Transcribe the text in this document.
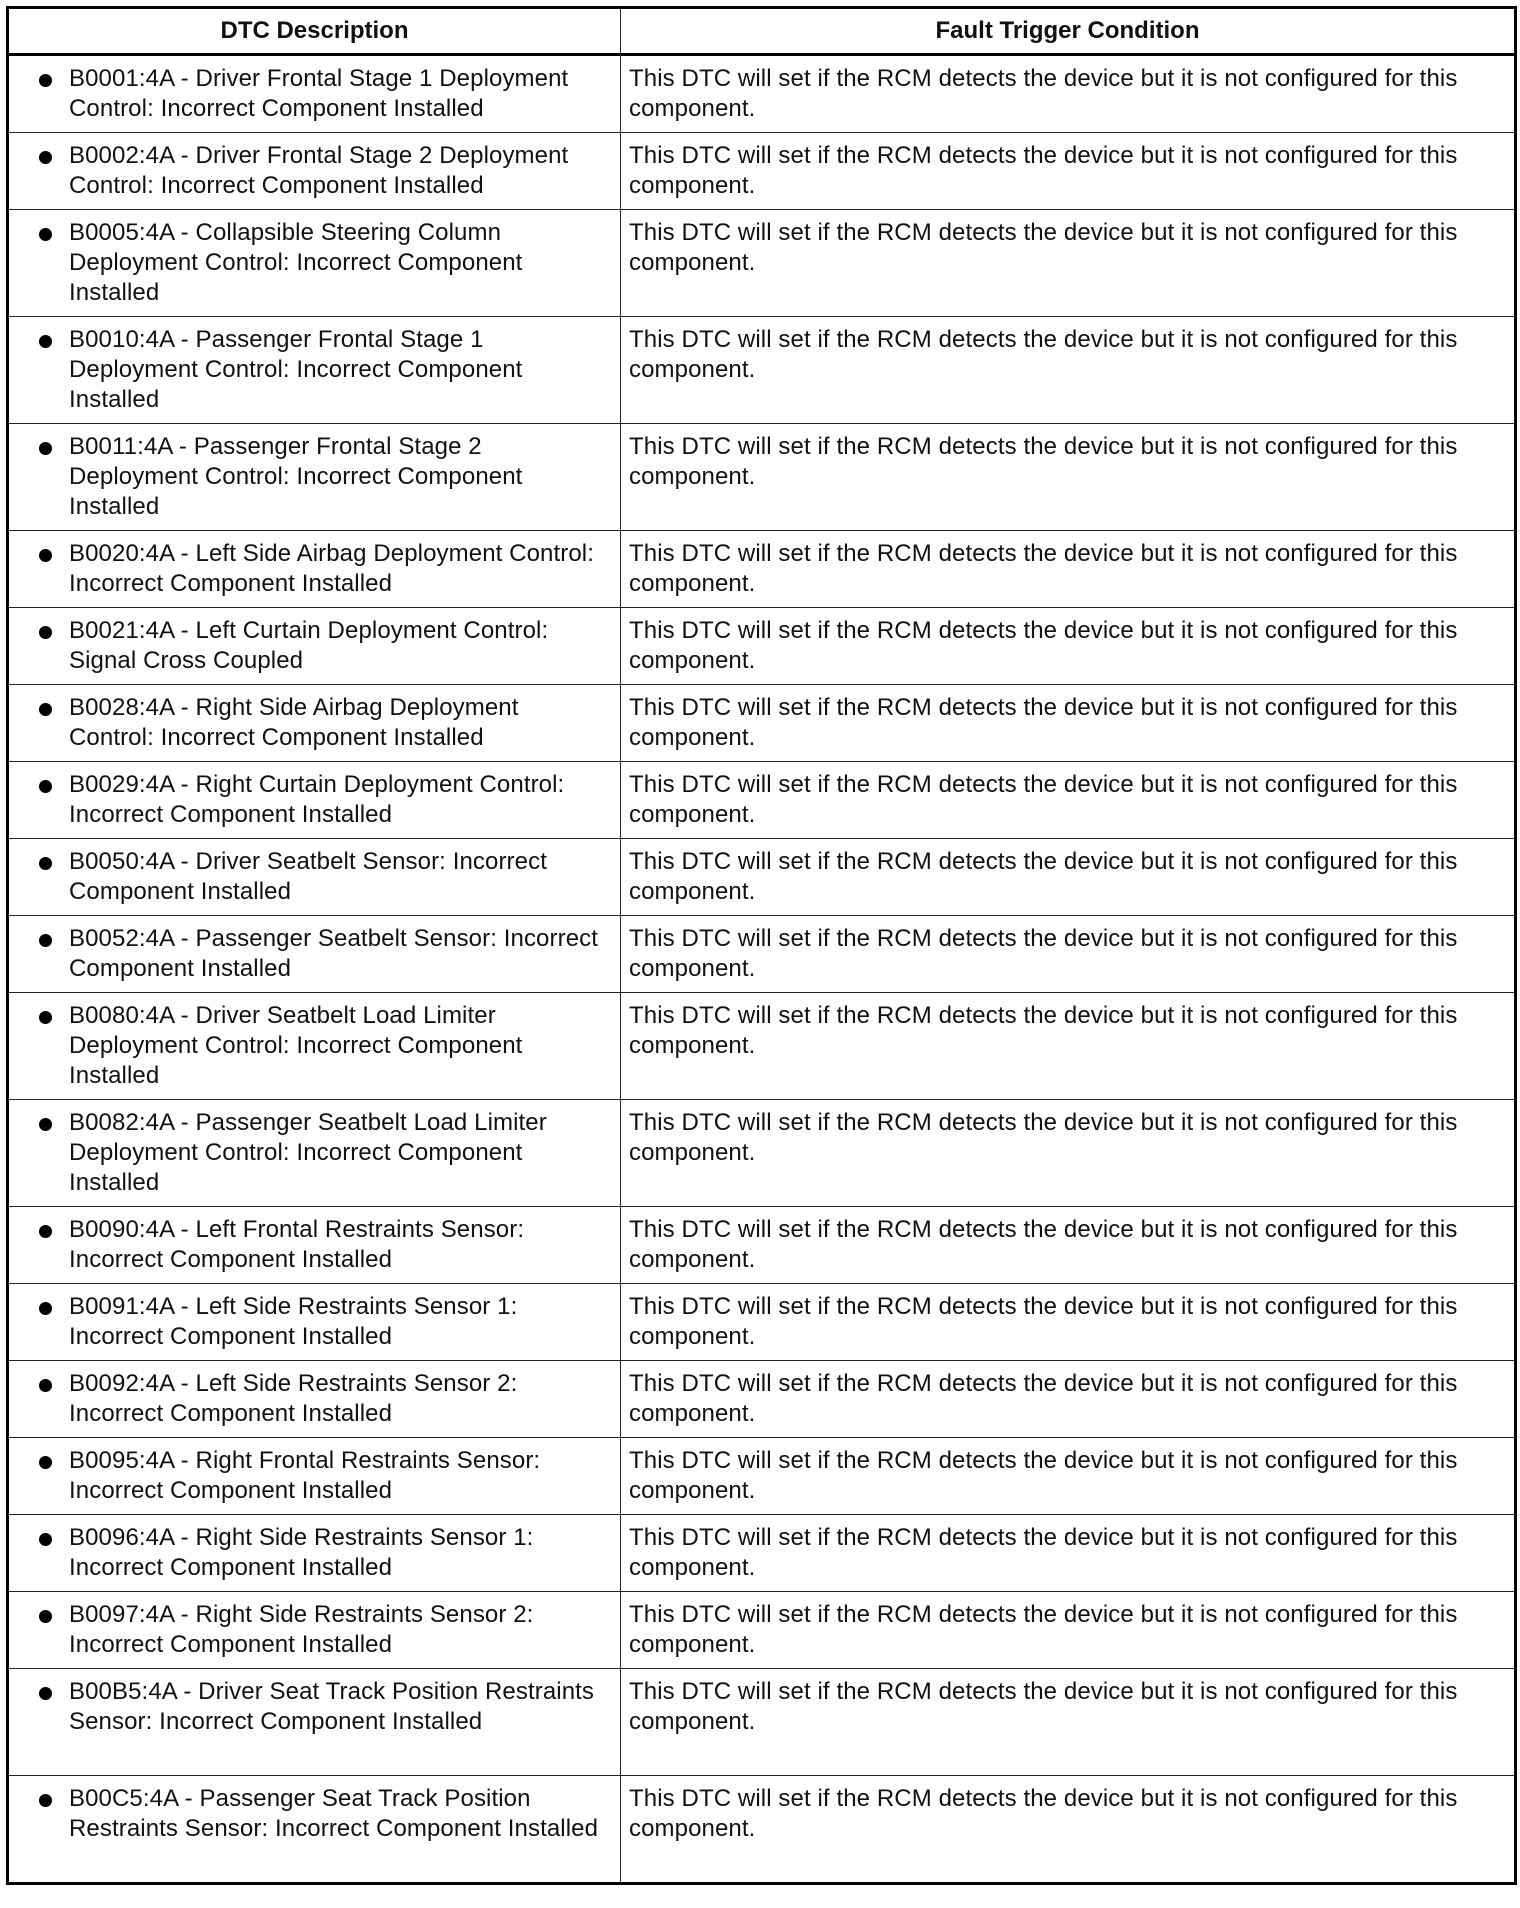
DTC Description	Fault Trigger Condition

B0001:4A - Driver Frontal Stage 1 Deployment Control: Incorrect Component Installed	This DTC will set if the RCM detects the device but it is not configured for this component.

B0002:4A - Driver Frontal Stage 2 Deployment Control: Incorrect Component Installed	This DTC will set if the RCM detects the device but it is not configured for this component.

B0005:4A - Collapsible Steering Column Deployment Control: Incorrect Component Installed	This DTC will set if the RCM detects the device but it is not configured for this component.

B0010:4A - Passenger Frontal Stage 1 Deployment Control: Incorrect Component Installed	This DTC will set if the RCM detects the device but it is not configured for this component.

B0011:4A - Passenger Frontal Stage 2 Deployment Control: Incorrect Component Installed	This DTC will set if the RCM detects the device but it is not configured for this component.

B0020:4A - Left Side Airbag Deployment Control: Incorrect Component Installed	This DTC will set if the RCM detects the device but it is not configured for this component.

B0021:4A - Left Curtain Deployment Control: Signal Cross Coupled	This DTC will set if the RCM detects the device but it is not configured for this component.

B0028:4A - Right Side Airbag Deployment Control: Incorrect Component Installed	This DTC will set if the RCM detects the device but it is not configured for this component.

B0029:4A - Right Curtain Deployment Control: Incorrect Component Installed	This DTC will set if the RCM detects the device but it is not configured for this component.

B0050:4A - Driver Seatbelt Sensor: Incorrect Component Installed	This DTC will set if the RCM detects the device but it is not configured for this component.

B0052:4A - Passenger Seatbelt Sensor: Incorrect Component Installed	This DTC will set if the RCM detects the device but it is not configured for this component.

B0080:4A - Driver Seatbelt Load Limiter Deployment Control: Incorrect Component Installed	This DTC will set if the RCM detects the device but it is not configured for this component.

B0082:4A - Passenger Seatbelt Load Limiter Deployment Control: Incorrect Component Installed	This DTC will set if the RCM detects the device but it is not configured for this component.

B0090:4A - Left Frontal Restraints Sensor: Incorrect Component Installed	This DTC will set if the RCM detects the device but it is not configured for this component.

B0091:4A - Left Side Restraints Sensor 1: Incorrect Component Installed	This DTC will set if the RCM detects the device but it is not configured for this component.

B0092:4A - Left Side Restraints Sensor 2: Incorrect Component Installed	This DTC will set if the RCM detects the device but it is not configured for this component.

B0095:4A - Right Frontal Restraints Sensor: Incorrect Component Installed	This DTC will set if the RCM detects the device but it is not configured for this component.

B0096:4A - Right Side Restraints Sensor 1: Incorrect Component Installed	This DTC will set if the RCM detects the device but it is not configured for this component.

B0097:4A - Right Side Restraints Sensor 2: Incorrect Component Installed	This DTC will set if the RCM detects the device but it is not configured for this component.

B00B5:4A - Driver Seat Track Position Restraints Sensor: Incorrect Component Installed	This DTC will set if the RCM detects the device but it is not configured for this component.

B00C5:4A - Passenger Seat Track Position Restraints Sensor: Incorrect Component Installed	This DTC will set if the RCM detects the device but it is not configured for this component.
